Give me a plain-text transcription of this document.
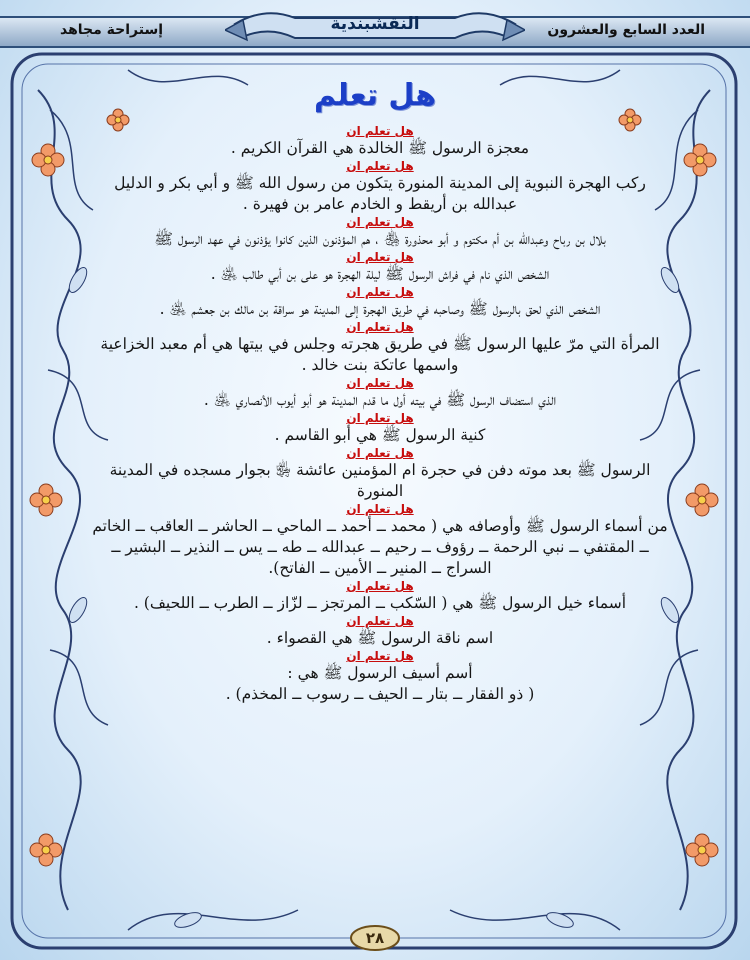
العدد السابع والعشرون
إستراحة مجاهد	النقشبندية
هل تعلم
هل تعلم ان
معجزة الرسول ﷺ الخالدة هي القرآن الكريم .
هل تعلم ان
ركب الهجرة النبوية إلى المدينة المنورة يتكون من رسول الله ﷺ و أبي بكر و الدليل عبدالله بن أريقط و الخادم عامر بن فهيرة .
هل تعلم ان
بلال بن رباح وعبدالله بن أم مكتوم و أبو محذورة ﵃ ، هم المؤذنون الذين كانوا يؤذنون في عهد الرسول ﷺ
هل تعلم ان
الشخص الذي نام في فراش الرسول ﷺ ليلة الهجرة هو على بن أبي طالب ﵁ .
هل تعلم ان
الشخص الذي لحق بالرسول ﷺ وصاحبه في طريق الهجرة إلى المدينة هو سراقة بن مالك بن جعشم ﵁ .
هل تعلم ان
المرأة التي مرّ عليها الرسول ﷺ في طريق هجرته وجلس في بيتها هي أم معبد الخزاعية واسمها عاتكة بنت خالد .
هل تعلم ان
الذي استضاف الرسول ﷺ في بيته أول ما قدم المدينة هو أبو أيوب الأنصاري ﵁ .
هل تعلم ان
كنية الرسول ﷺ هي أبو القاسم .
هل تعلم ان
الرسول ﷺ بعد موته دفن في حجرة ام المؤمنين عائشة ﵂ بجوار مسجده في المدينة المنورة
هل تعلم ان
من أسماء الرسول ﷺ وأوصافه هي ( محمد ــ أحمد ــ الماحي ــ الحاشر ــ العاقب ــ الخاتم ــ المقتفي ــ نبي الرحمة ــ رؤوف ــ رحيم ــ عبدالله ــ طه ــ يس ــ النذير ــ البشير ــ السراج ــ المنير ــ الأمين ــ الفاتح).
هل تعلم ان
أسماء خيل الرسول ﷺ هي ( السّكب ــ المرتجز ــ لزّاز ــ الطرب ــ اللحيف) .
هل تعلم ان
اسم ناقة الرسول ﷺ هي القصواء .
هل تعلم ان
أسم أسيف الرسول ﷺ هي :
( ذو الفقار ــ بتار ــ الحيف ــ رسوب ــ المخذم) .
٢٨
